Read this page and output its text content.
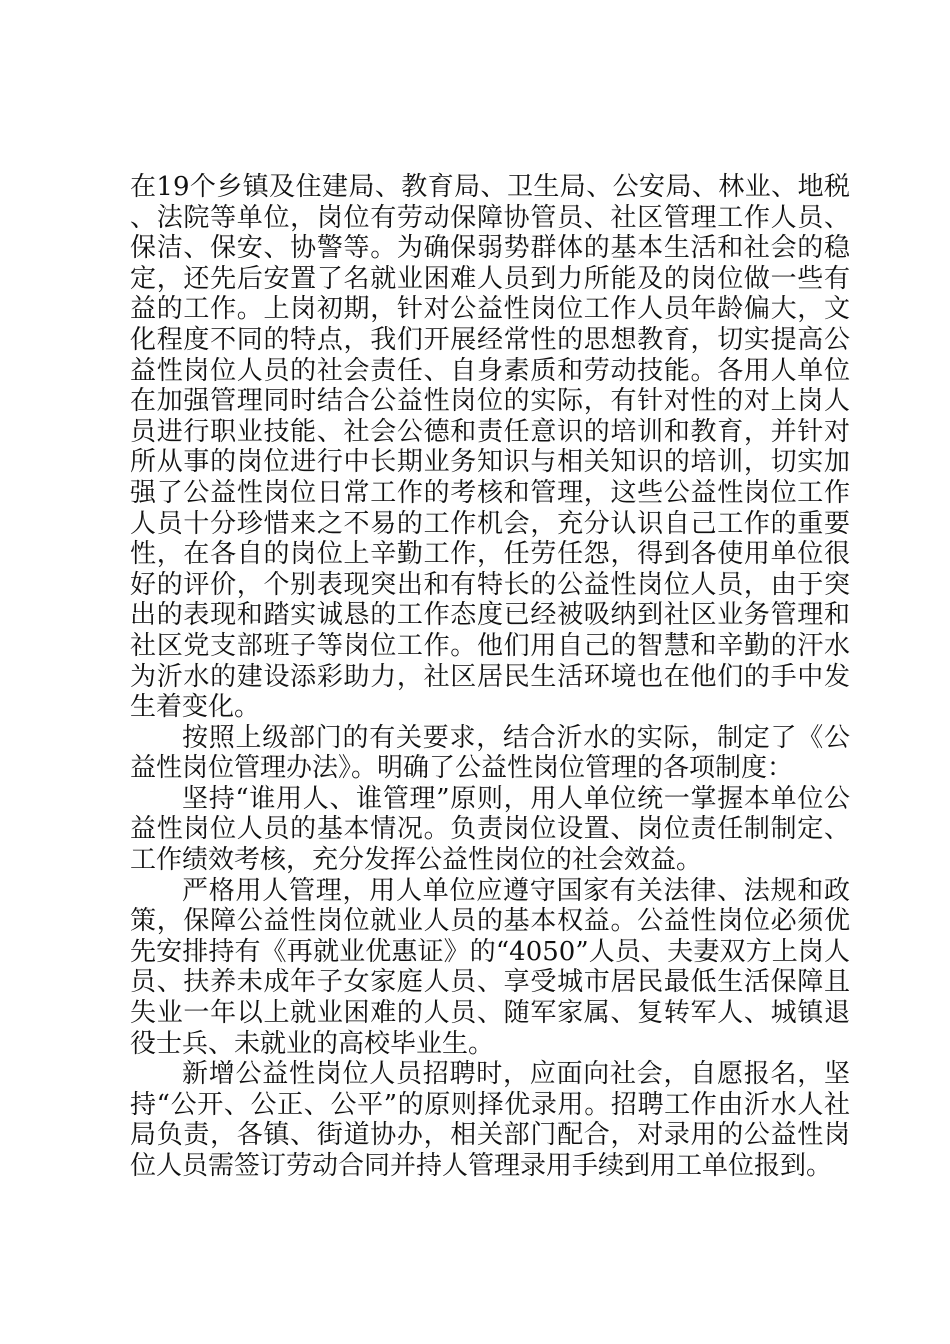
在19个乡镇及住建局、教育局、卫生局、公安局、林业、地税、法院等单位，岗位有劳动保障协管员、社区管理工作人员、保洁、保安、协警等。为确保弱势群体的基本生活和社会的稳定，还先后安置了名就业困难人员到力所能及的岗位做一些有益的工作。上岗初期，针对公益性岗位工作人员年龄偏大，文化程度不同的特点，我们开展经常性的思想教育，切实提高公益性岗位人员的社会责任、自身素质和劳动技能。各用人单位在加强管理同时结合公益性岗位的实际，有针对性的对上岗人员进行职业技能、社会公德和责任意识的培训和教育，并针对所从事的岗位进行中长期业务知识与相关知识的培训，切实加强了公益性岗位日常工作的考核和管理，这些公益性岗位工作人员十分珍惜来之不易的工作机会，充分认识自己工作的重要性，在各自的岗位上辛勤工作，任劳任怨，得到各使用单位很好的评价，个别表现突出和有特长的公益性岗位人员，由于突出的表现和踏实诚恳的工作态度已经被吸纳到社区业务管理和社区党支部班子等岗位工作。他们用自己的智慧和辛勤的汗水为沂水的建设添彩助力，社区居民生活环境也在他们的手中发生着变化。

按照上级部门的有关要求，结合沂水的实际，制定了《公益性岗位管理办法》。明确了公益性岗位管理的各项制度：

坚持“谁用人、谁管理”原则，用人单位统一掌握本单位公益性岗位人员的基本情况。负责岗位设置、岗位责任制制定、工作绩效考核，充分发挥公益性岗位的社会效益。

严格用人管理，用人单位应遵守国家有关法律、法规和政策，保障公益性岗位就业人员的基本权益。公益性岗位必须优先安排持有《再就业优惠证》的“4050”人员、夫妻双方上岗人员、扶养未成年子女家庭人员、享受城市居民最低生活保障且失业一年以上就业困难的人员、随军家属、复转军人、城镇退役士兵、未就业的高校毕业生。

新增公益性岗位人员招聘时，应面向社会，自愿报名，坚持“公开、公正、公平”的原则择优录用。招聘工作由沂水人社局负责，各镇、街道协办，相关部门配合，对录用的公益性岗位人员需签订劳动合同并持人管理录用手续到用工单位报到。
